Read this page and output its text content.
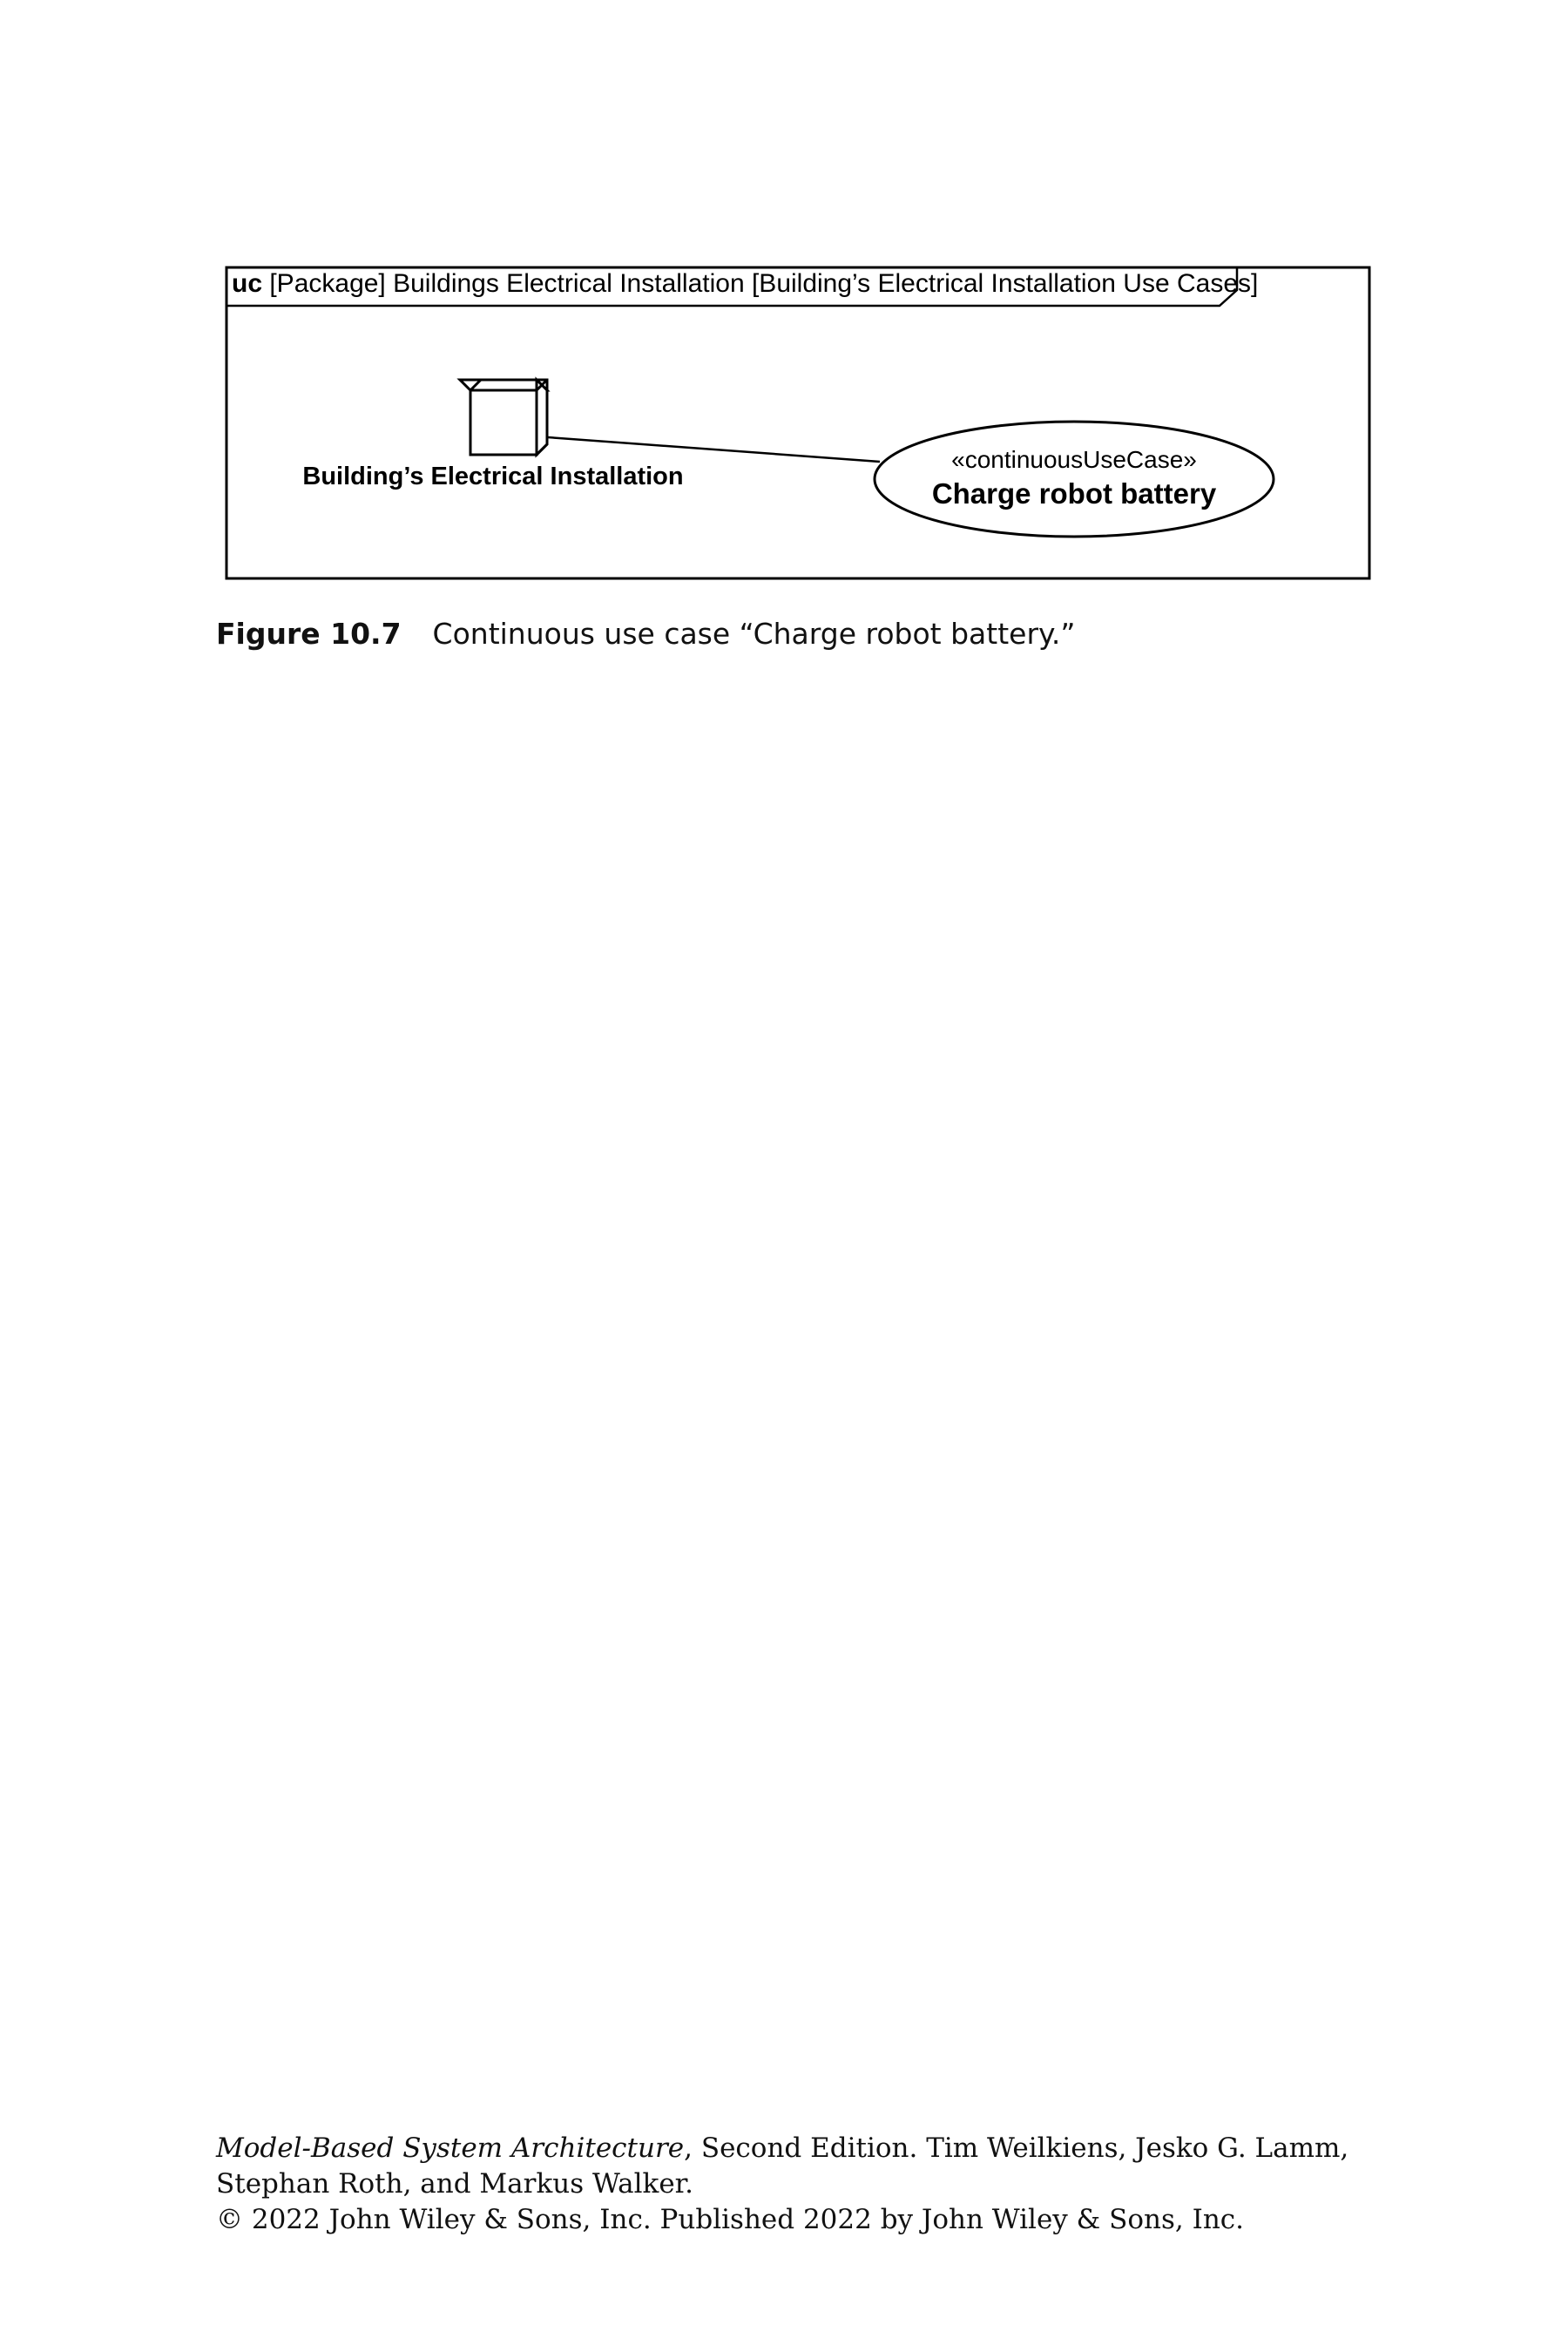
uc [Package] Buildings Electrical Installation [Building’s Electrical Installation Use Cases]
Building’s Electrical Installation
«continuousUseCase»
Charge robot battery
Figure 10.7 Continuous use case “Charge robot battery.”
Model-Based System Architecture, Second Edition. Tim Weilkiens, Jesko G. Lamm,
Stephan Roth, and Markus Walker.
© 2022 John Wiley & Sons, Inc. Published 2022 by John Wiley & Sons, Inc.
